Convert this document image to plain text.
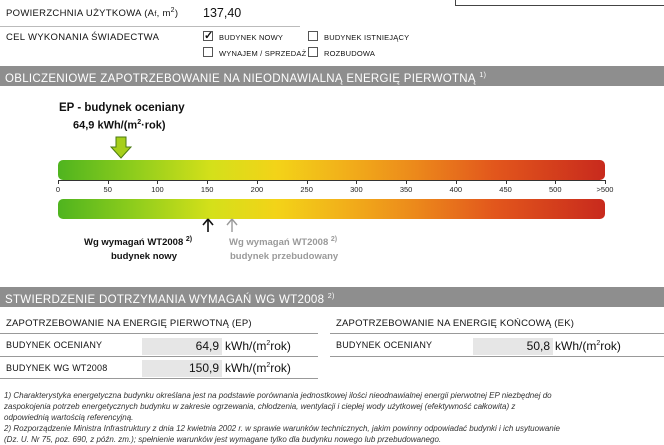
POWIERZCHNIA UŻYTKOWA (Af, $m^2$) 137,40
CEL WYKONANIA ŚWIADECTWA	✓ BUDYNEK NOWY	BUDYNEK ISTNIEJĄCY
WYNAJEM / SPRZEDAŻ ROZBUDOWA
OBLICZENIOWE ZAPOTRZEBOWANIE NA NIEODNAWIALNĄ ENERGIĘ PIERWOTNĄ $^{1)}$
EP - budynek oceniany
64,9 kWh/$(m^2\cdot rok)$
0	50	100	150	200	250	300	350	400	450	500	>500
Wg wymagań WT2008 $^{2)}$
budynek nowy
Wg wymagań WT2008 $^{2)}$
budynek przebudowany
STWIERDZENIE DOTRZYMANIA WYMAGAŃ WG WT2008 $^{2)}$
ZAPOTRZEBOWANIE NA ENERGIĘ PIERWOTNĄ (EP)	ZAPOTRZEBOWANIE NA ENERGIĘ KOŃCOWĄ (EK)
BUDYNEK OCENIANY	64,9 kWh/$(m^2rok)$
BUDYNEK WG WT2008	150,9 kWh/$(m^2rok)$
BUDYNEK OCENIANY	50,8 kWh/$(m^2rok)$
1) Charakterystyka energetyczna budynku określana jest na podstawie porównania jednostkowej ilości nieodnawialnej energii pierwotnej EP niezbędnej do
zaspokojenia potrzeb energetycznych budynku w zakresie ogrzewania, chłodzenia, wentylacji i ciepłej wody użytkowej (efektywność całkowita) z
odpowiednią wartością referencyjną.
2) Rozporządzenie Ministra Infrastruktury z dnia 12 kwietnia 2002 r. w sprawie warunków technicznych, jakim powinny odpowiadać budynki i ich usytuowanie
(Dz. U. Nr 75, poz. 690, z późn. zm.); spełnienie warunków jest wymagane tylko dla budynku nowego lub przebudowanego.
